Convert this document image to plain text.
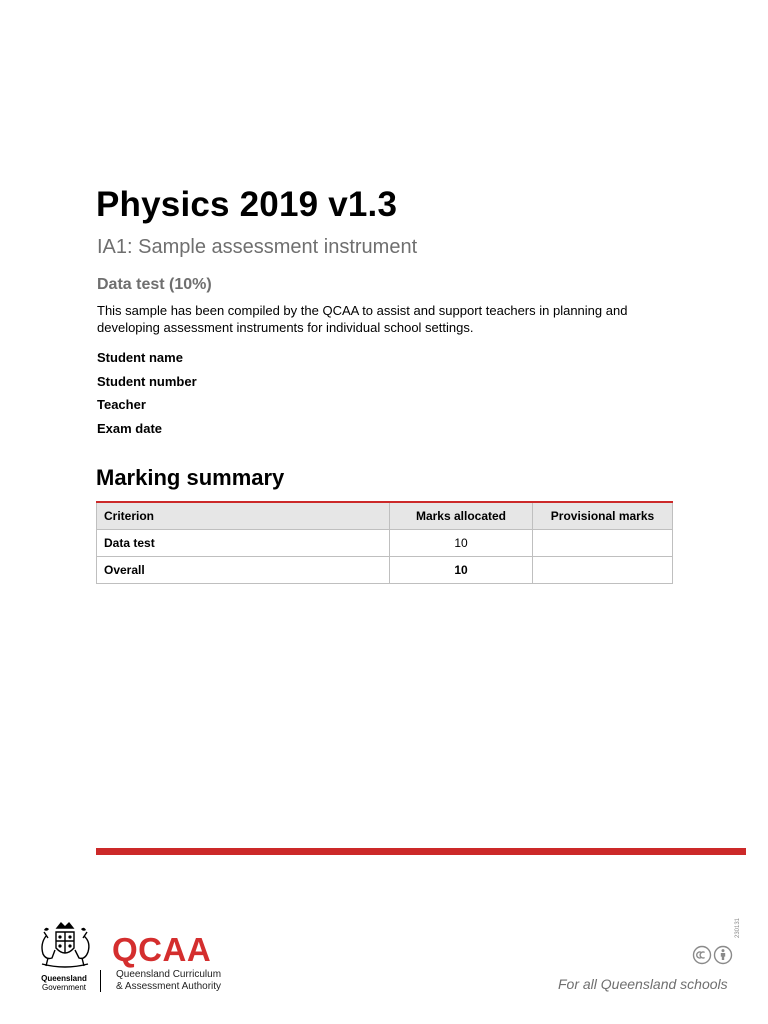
Physics 2019 v1.3
IA1: Sample assessment instrument
Data test (10%)
This sample has been compiled by the QCAA to assist and support teachers in planning and developing assessment instruments for individual school settings.
Student name
Student number
Teacher
Exam date
Marking summary
Criterion	Marks allocated	Provisional marks
Data test	10	
Overall	10	
Queensland
Government
QCAA
Queensland Curriculum
& Assessment Authority
230131
For all Queensland schools
